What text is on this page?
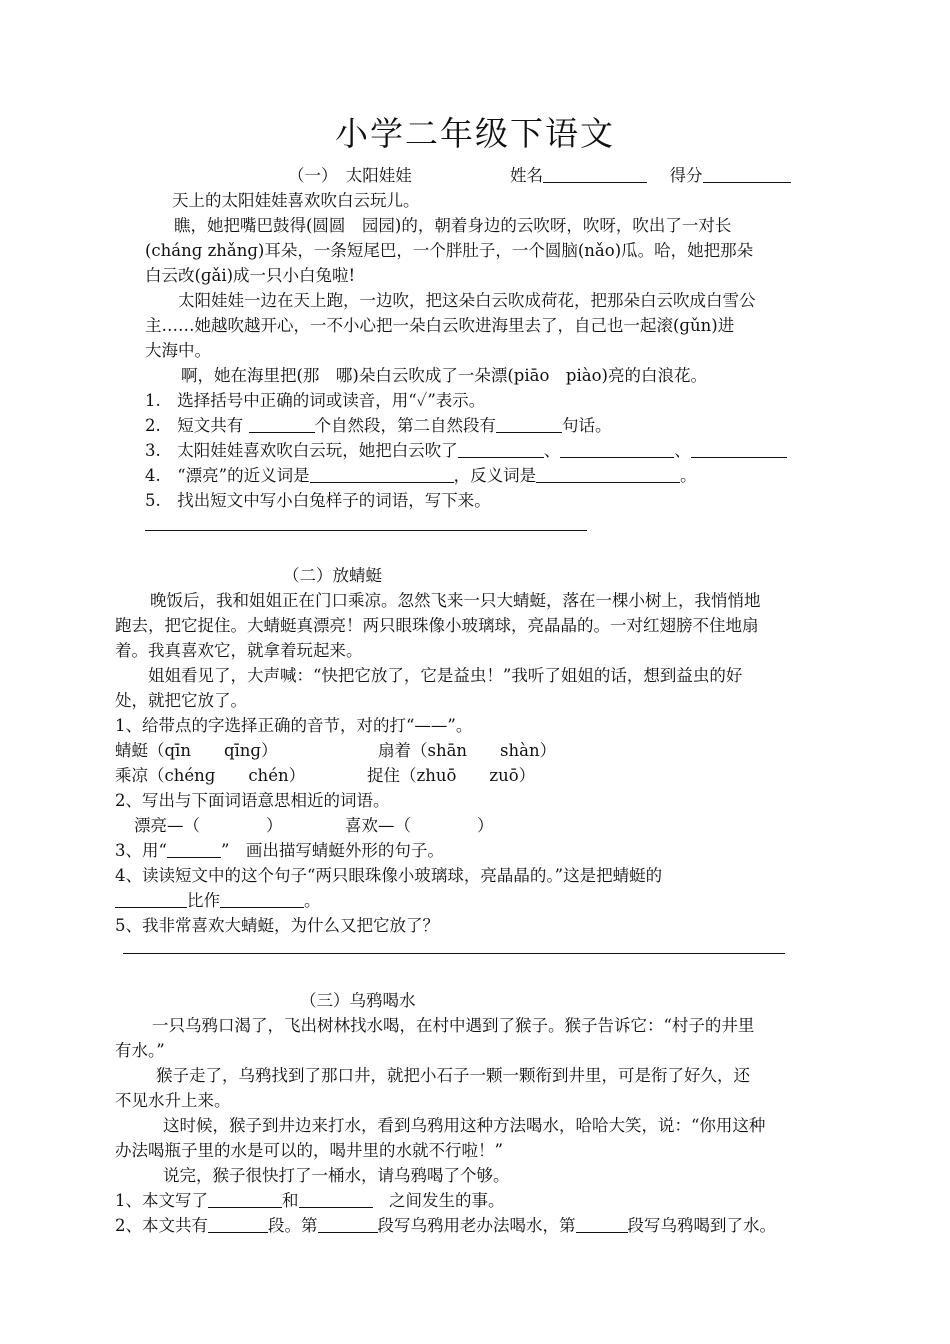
小学二年级下语文
（一）　太阳娃娃	姓名	得分
天上的太阳娃娃喜欢吹白云玩儿。
瞧，她把嘴巴鼓得(圆圆　园园)的，朝着身边的云吹呀，吹呀，吹出了一对长
(chánɡ zhǎnɡ)耳朵，一条短尾巴，一个胖肚子，一个圆脑(nǎo)瓜。哈，她把那朵
白云改(ɡǎi)成一只小白兔啦!
太阳娃娃一边在天上跑，一边吹，把这朵白云吹成荷花，把那朵白云吹成白雪公
主……她越吹越开心，一不小心把一朵白云吹进海里去了，自己也一起滚(ɡǔn)进
大海中。
啊，她在海里把(那　哪)朵白云吹成了一朵漂(piāo　piào)亮的白浪花。
1.　选择括号中正确的词或读音，用“✓”表示。
2.　短文共有	个自然段，第二自然段有	句话。
3.　太阳娃娃喜欢吹白云玩，她把白云吹了	、	、
4.　“漂亮”的近义词是	，反义词是	。
5.　找出短文中写小白兔样子的词语，写下来。
（二）放蜻蜓
晚饭后，我和姐姐正在门口乘凉。忽然飞来一只大蜻蜓，落在一棵小树上，我悄悄地
跑去，把它捉住。大蜻蜓真漂亮！两只眼珠像小玻璃球，亮晶晶的。一对红翅膀不住地扇
着。我真喜欢它，就拿着玩起来。
姐姐看见了，大声喊：“快把它放了，它是益虫！”我听了姐姐的话，想到益虫的好
处，就把它放了。
1、给带点的字选择正确的音节，对的打“——”。
蜻蜓（qīn　　qīnɡ）	扇着（shān　　shàn）
乘凉（chénɡ　　chén）	捉住（zhuō　　zuō）
2、写出与下面词语意思相近的词语。
漂亮—（　　　　）	喜欢—（　　　　）
3、用“	”　画出描写蜻蜓外形的句子。
4、读读短文中的这个句子“两只眼珠像小玻璃球，亮晶晶的。”这是把蜻蜓的
比作	。
5、我非常喜欢大蜻蜓，为什么又把它放了？
（三）乌鸦喝水
一只乌鸦口渴了，飞出树林找水喝，在村中遇到了猴子。猴子告诉它：“村子的井里
有水。”
猴子走了，乌鸦找到了那口井，就把小石子一颗一颗衔到井里，可是衔了好久，还
不见水升上来。
这时候，猴子到井边来打水，看到乌鸦用这种方法喝水，哈哈大笑，说：“你用这种
办法喝瓶子里的水是可以的，喝井里的水就不行啦！”
说完，猴子很快打了一桶水，请乌鸦喝了个够。
1、本文写了	和	　之间发生的事。
2、本文共有	段。第	段写乌鸦用老办法喝水，第	段写乌鸦喝到了水。
